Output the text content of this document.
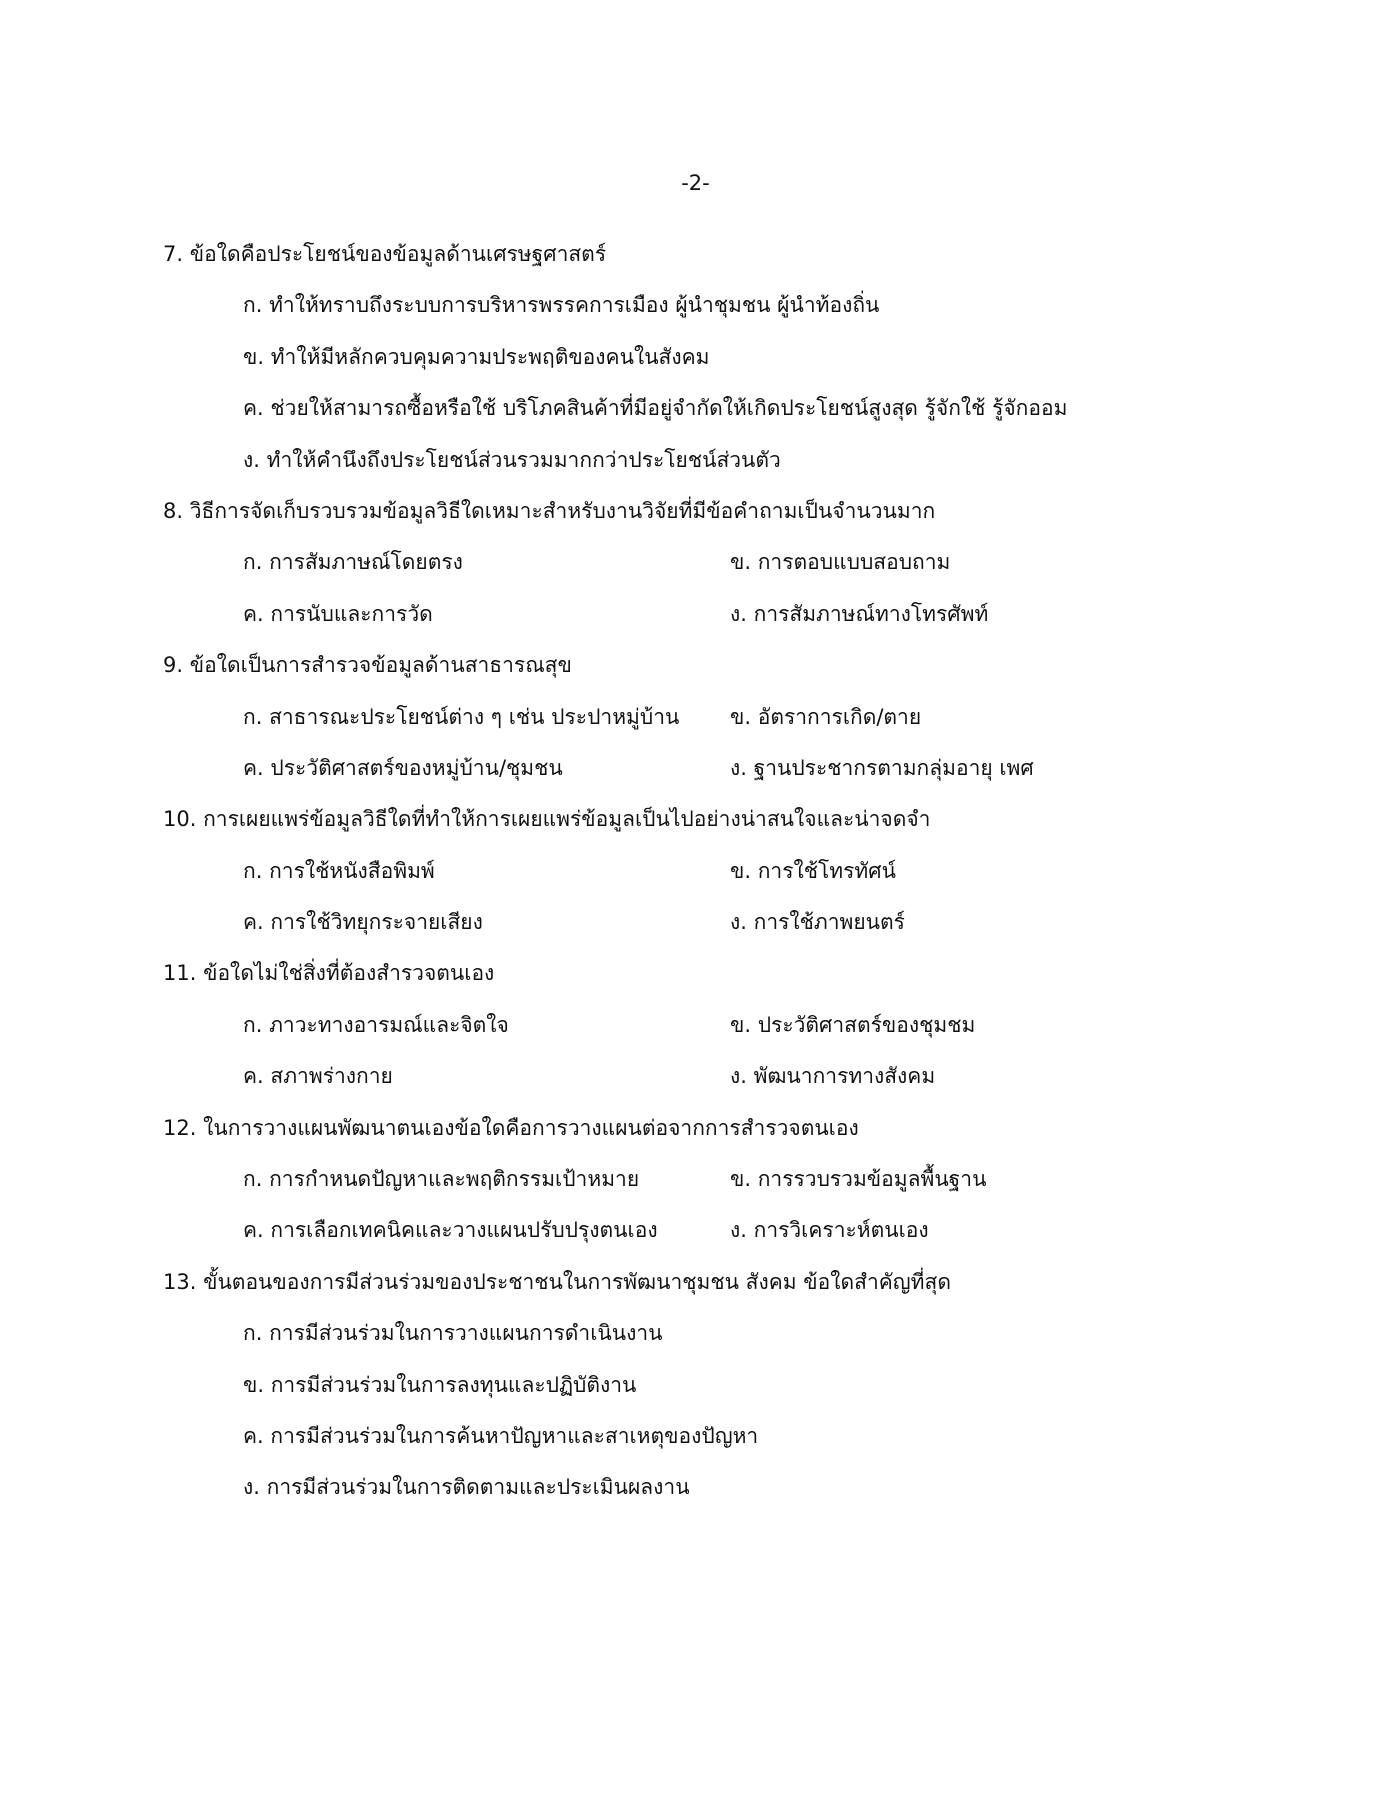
-2-
7. ข้อใดคือประโยชน์ของข้อมูลด้านเศรษฐศาสตร์
ก. ทำให้ทราบถึงระบบการบริหารพรรคการเมือง ผู้นำชุมชน ผู้นำท้องถิ่น
ข. ทำให้มีหลักควบคุมความประพฤติของคนในสังคม
ค. ช่วยให้สามารถซื้อหรือใช้ บริโภคสินค้าที่มีอยู่จำกัดให้เกิดประโยชน์สูงสุด รู้จักใช้ รู้จักออม
ง. ทำให้คำนึงถึงประโยชน์ส่วนรวมมากกว่าประโยชน์ส่วนตัว
8. วิธีการจัดเก็บรวบรวมข้อมูลวิธีใดเหมาะสำหรับงานวิจัยที่มีข้อคำถามเป็นจำนวนมาก
ก. การสัมภาษณ์โดยตรง	ข. การตอบแบบสอบถาม
ค. การนับและการวัด	ง. การสัมภาษณ์ทางโทรศัพท์
9. ข้อใดเป็นการสำรวจข้อมูลด้านสาธารณสุข
ก. สาธารณะประโยชน์ต่าง ๆ เช่น ประปาหมู่บ้าน	ข. อัตราการเกิด/ตาย
ค. ประวัติศาสตร์ของหมู่บ้าน/ชุมชน	ง. ฐานประชากรตามกลุ่มอายุ เพศ
10. การเผยแพร่ข้อมูลวิธีใดที่ทำให้การเผยแพร่ข้อมูลเป็นไปอย่างน่าสนใจและน่าจดจำ
ก. การใช้หนังสือพิมพ์	ข. การใช้โทรทัศน์
ค. การใช้วิทยุกระจายเสียง	ง. การใช้ภาพยนตร์
11. ข้อใดไม่ใช่สิ่งที่ต้องสำรวจตนเอง
ก. ภาวะทางอารมณ์และจิตใจ	ข. ประวัติศาสตร์ของชุมชม
ค. สภาพร่างกาย	ง. พัฒนาการทางสังคม
12. ในการวางแผนพัฒนาตนเองข้อใดคือการวางแผนต่อจากการสำรวจตนเอง
ก. การกำหนดปัญหาและพฤติกรรมเป้าหมาย	ข. การรวบรวมข้อมูลพื้นฐาน
ค. การเลือกเทคนิคและวางแผนปรับปรุงตนเอง	ง. การวิเคราะห์ตนเอง
13. ขั้นตอนของการมีส่วนร่วมของประชาชนในการพัฒนาชุมชน สังคม ข้อใดสำคัญที่สุด
ก. การมีส่วนร่วมในการวางแผนการดำเนินงาน
ข. การมีส่วนร่วมในการลงทุนและปฏิบัติงาน
ค. การมีส่วนร่วมในการค้นหาปัญหาและสาเหตุของปัญหา
ง. การมีส่วนร่วมในการติดตามและประเมินผลงาน
